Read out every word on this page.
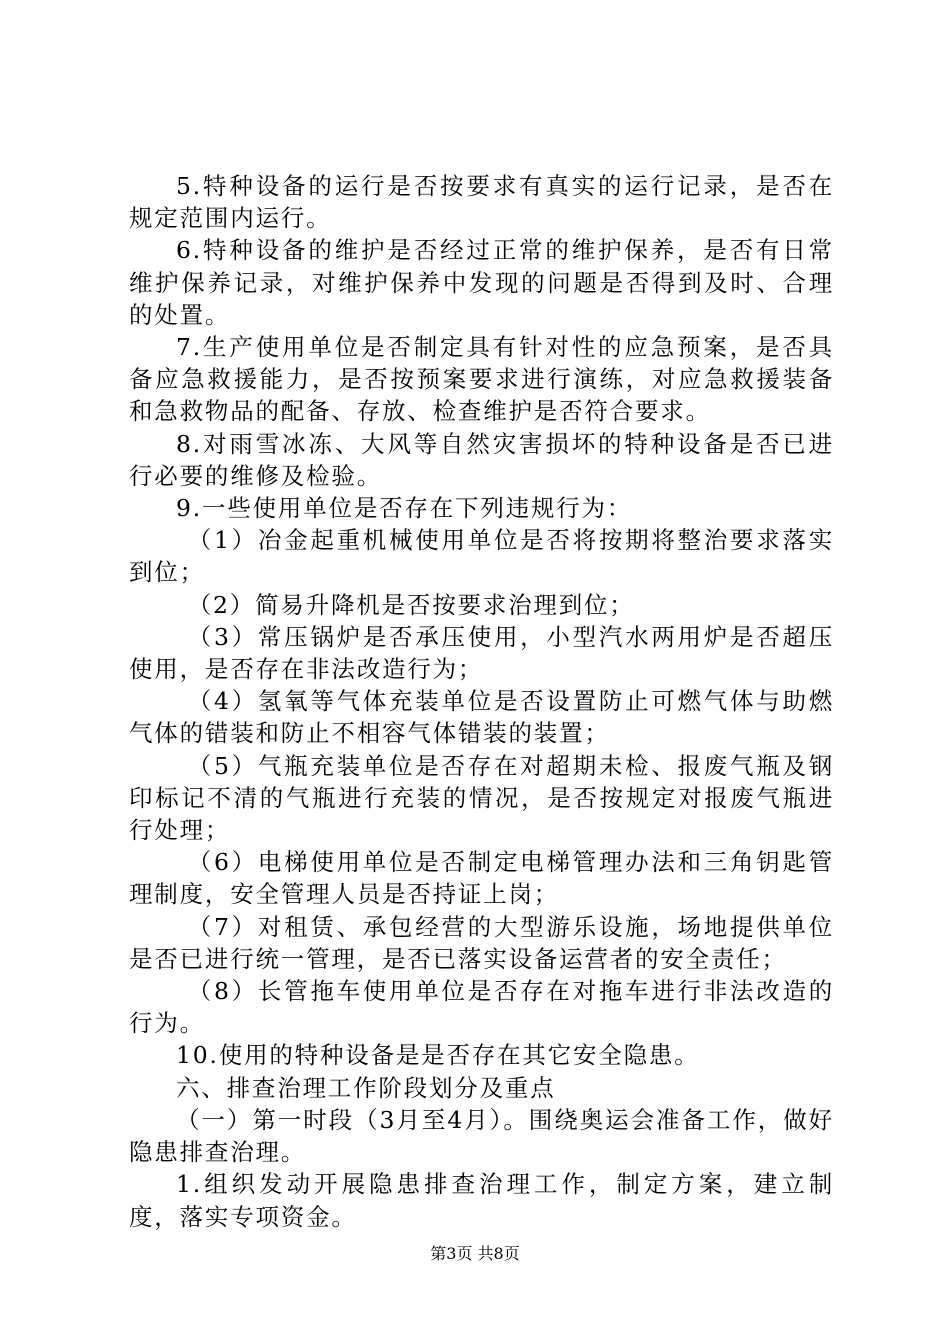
5.特种设备的运行是否按要求有真实的运行记录，是否在规定范围内运行。

6.特种设备的维护是否经过正常的维护保养，是否有日常维护保养记录，对维护保养中发现的问题是否得到及时、合理的处置。

7.生产使用单位是否制定具有针对性的应急预案，是否具备应急救援能力，是否按预案要求进行演练，对应急救援装备和急救物品的配备、存放、检查维护是否符合要求。

8.对雨雪冰冻、大风等自然灾害损坏的特种设备是否已进行必要的维修及检验。

9.一些使用单位是否存在下列违规行为：

（1）冶金起重机械使用单位是否将按期将整治要求落实到位；

（2）简易升降机是否按要求治理到位；

（3）常压锅炉是否承压使用，小型汽水两用炉是否超压使用，是否存在非法改造行为；

（4）氢氧等气体充装单位是否设置防止可燃气体与助燃气体的错装和防止不相容气体错装的装置；

（5）气瓶充装单位是否存在对超期未检、报废气瓶及钢印标记不清的气瓶进行充装的情况，是否按规定对报废气瓶进行处理；

（6）电梯使用单位是否制定电梯管理办法和三角钥匙管理制度，安全管理人员是否持证上岗；

（7）对租赁、承包经营的大型游乐设施，场地提供单位是否已进行统一管理，是否已落实设备运营者的安全责任；

（8）长管拖车使用单位是否存在对拖车进行非法改造的行为。

10.使用的特种设备是是否存在其它安全隐患。

六、排查治理工作阶段划分及重点

（一）第一时段（3月至4月）。围绕奥运会准备工作，做好隐患排查治理。

1.组织发动开展隐患排查治理工作，制定方案，建立制度，落实专项资金。

第3页 共8页
